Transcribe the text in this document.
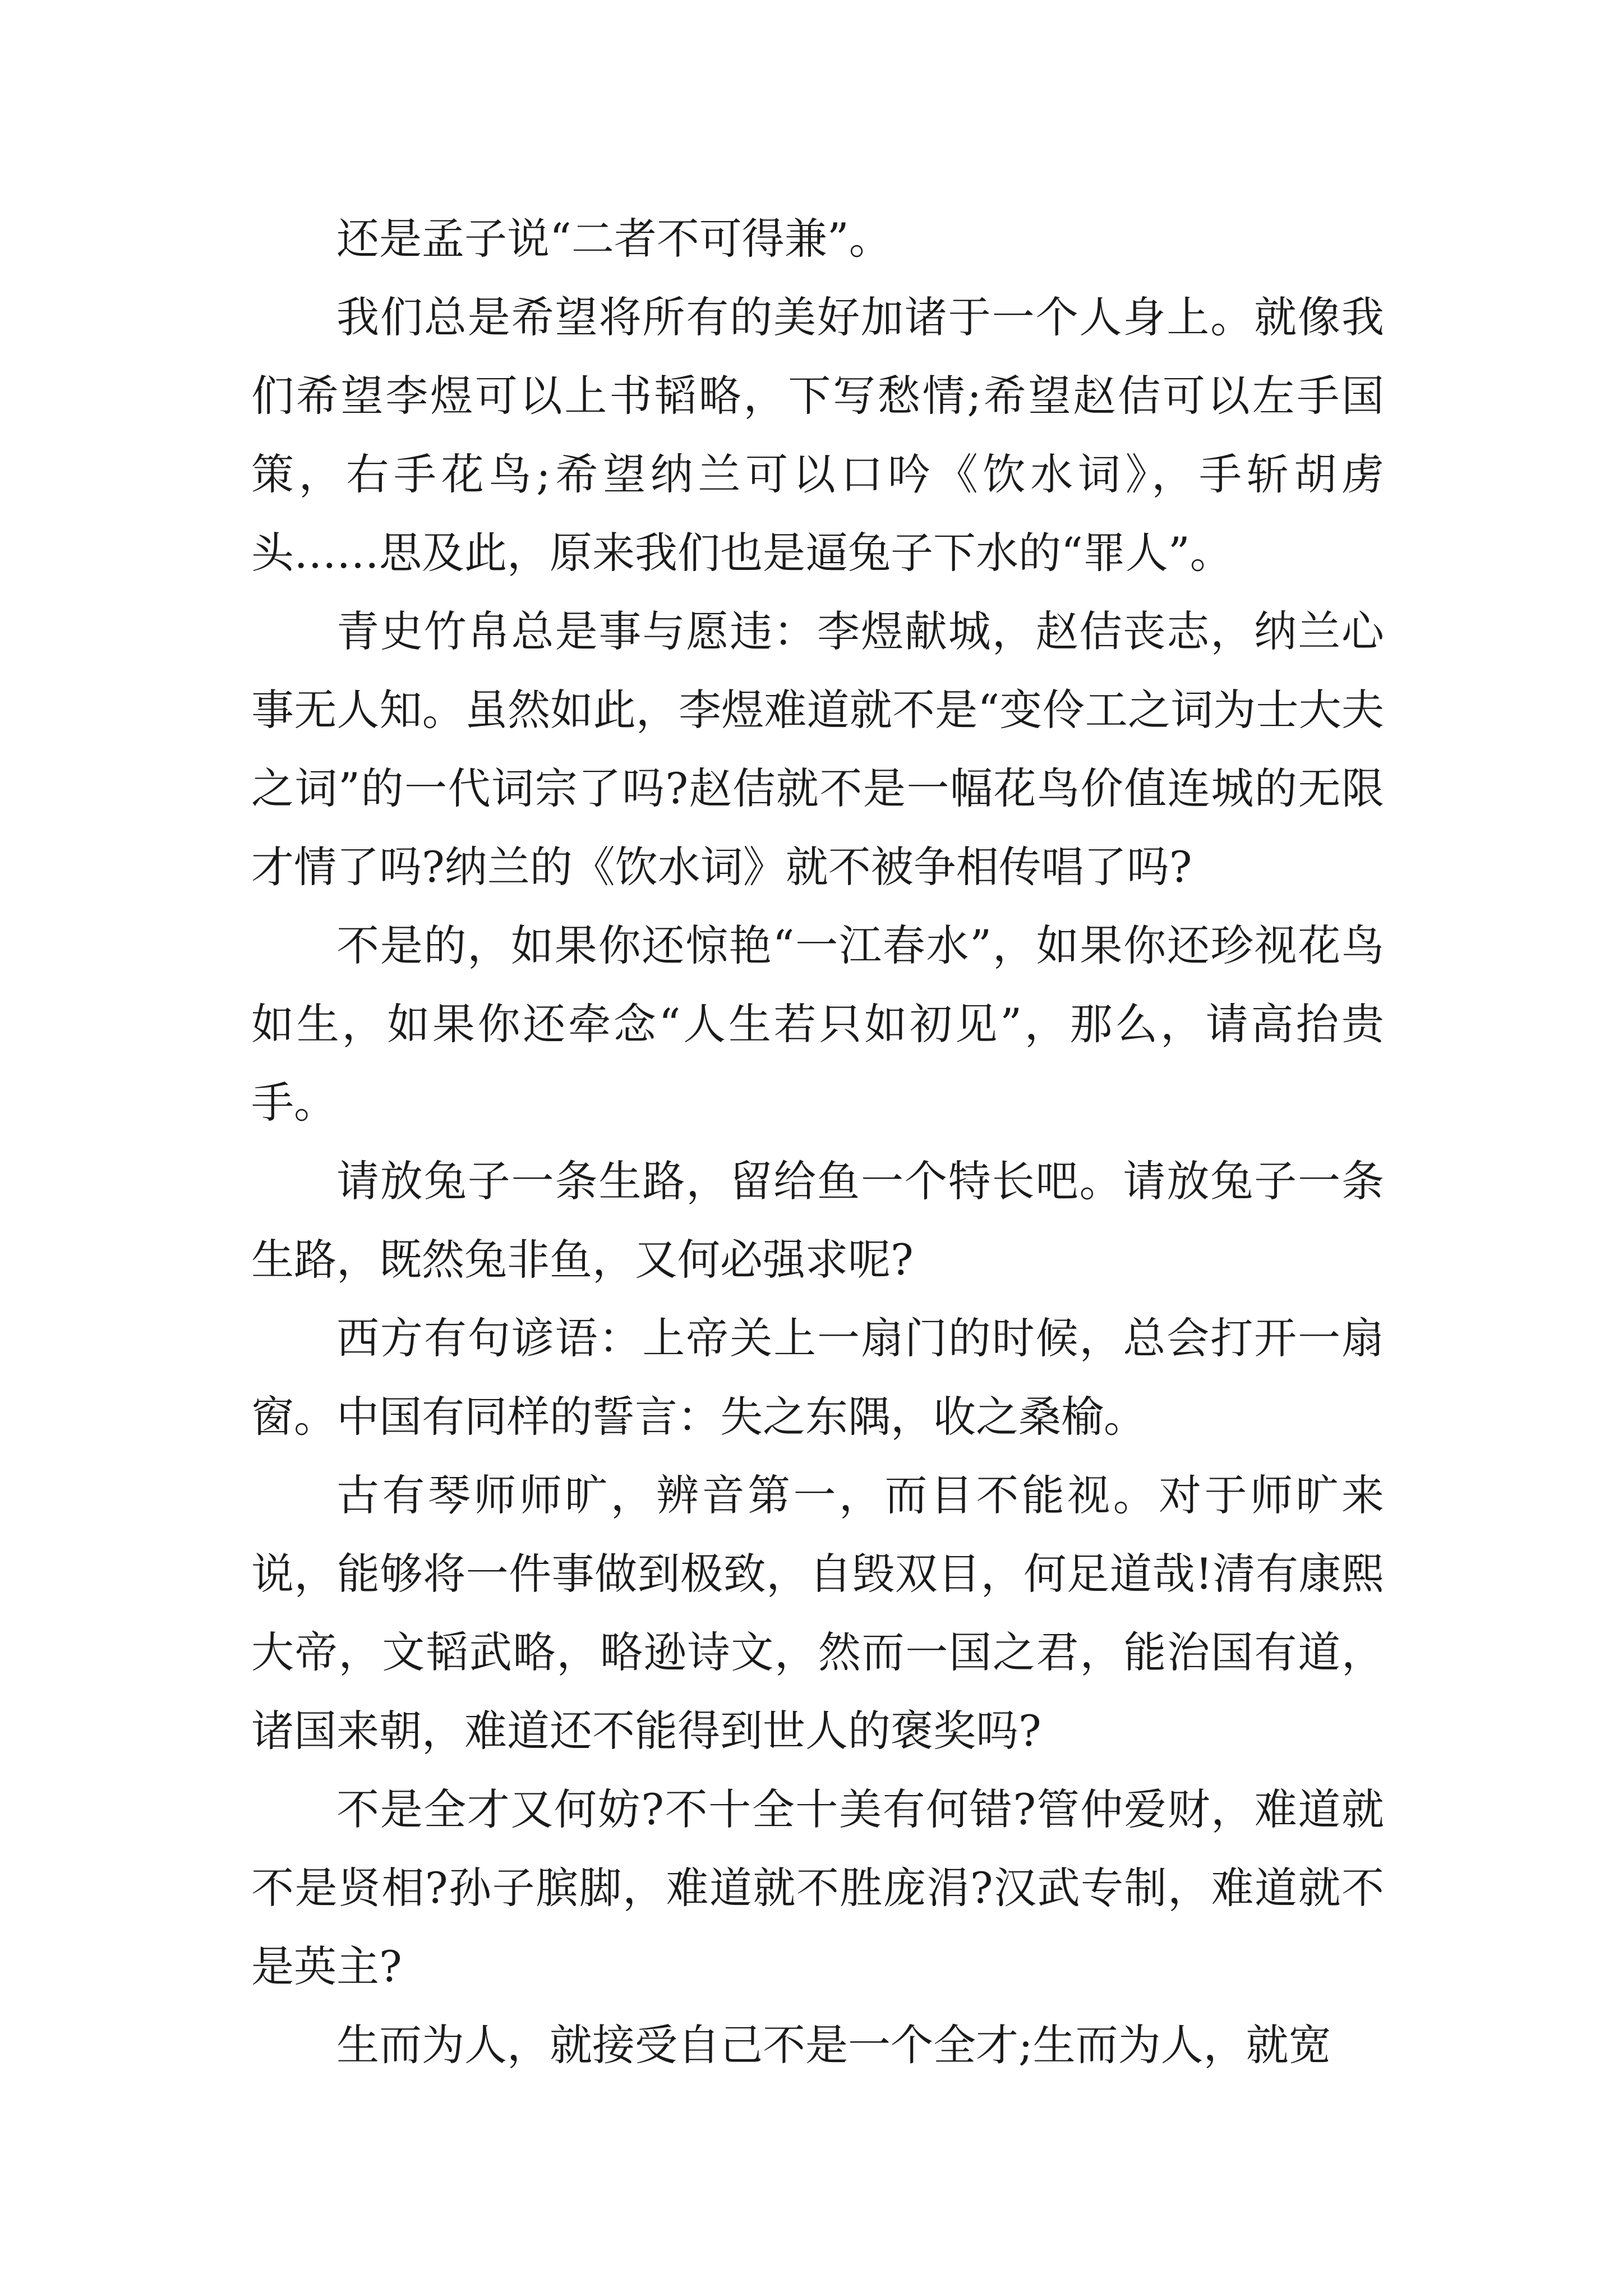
还是孟子说“二者不可得兼”。

我们总是希望将所有的美好加诸于一个人身上。就像我们希望李煜可以上书韬略，下写愁情;希望赵佶可以左手国策，右手花鸟;希望纳兰可以口吟《饮水词》，手斩胡虏头……思及此，原来我们也是逼兔子下水的“罪人”。

青史竹帛总是事与愿违：李煜献城，赵佶丧志，纳兰心事无人知。虽然如此，李煜难道就不是“变伶工之词为士大夫之词”的一代词宗了吗?赵佶就不是一幅花鸟价值连城的无限才情了吗?纳兰的《饮水词》就不被争相传唱了吗?

不是的，如果你还惊艳“一江春水”，如果你还珍视花鸟如生，如果你还牵念“人生若只如初见”，那么，请高抬贵手。

请放兔子一条生路，留给鱼一个特长吧。请放兔子一条生路，既然兔非鱼，又何必强求呢?

西方有句谚语：上帝关上一扇门的时候，总会打开一扇窗。中国有同样的誓言：失之东隅，收之桑榆。

古有琴师师旷，辨音第一，而目不能视。对于师旷来说，能够将一件事做到极致，自毁双目，何足道哉!清有康熙大帝，文韬武略，略逊诗文，然而一国之君，能治国有道，诸国来朝，难道还不能得到世人的褒奖吗?

不是全才又何妨?不十全十美有何错?管仲爱财，难道就不是贤相?孙子膑脚，难道就不胜庞涓?汉武专制，难道就不是英主?

生而为人，就接受自己不是一个全才;生而为人，就宽
